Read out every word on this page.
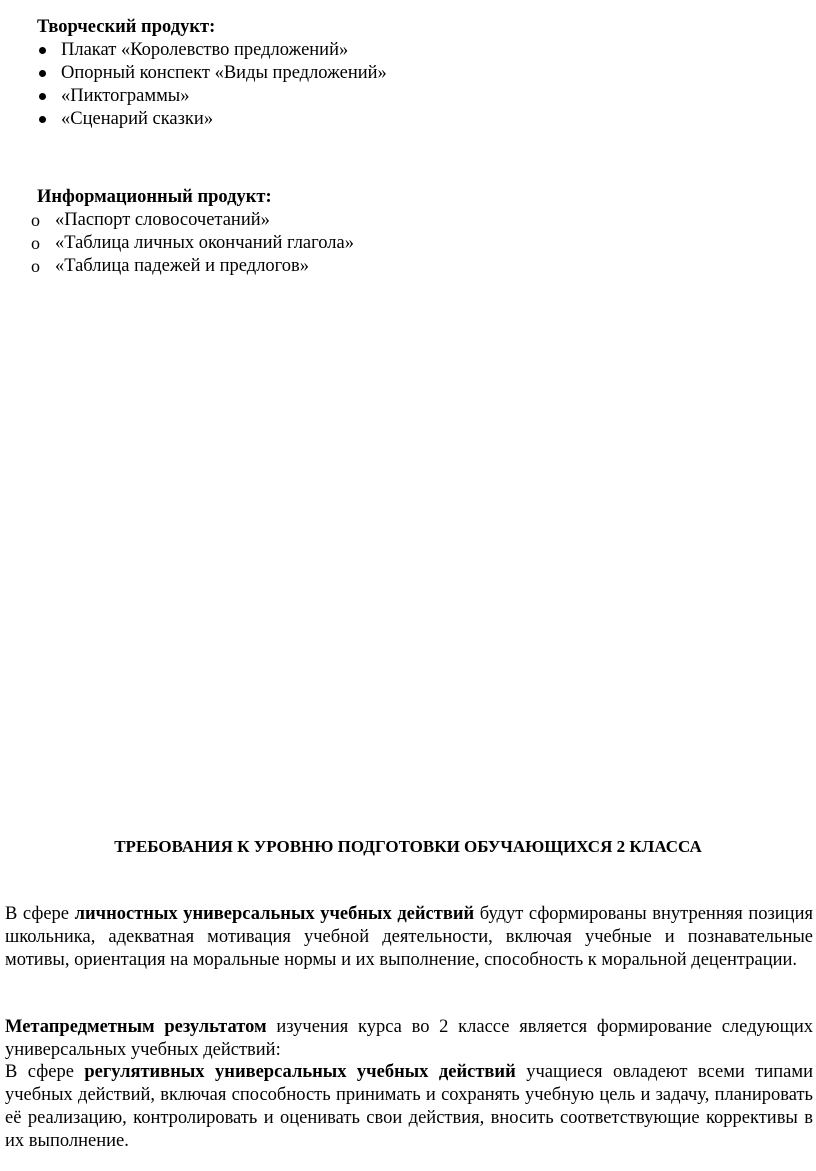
Творческий продукт:
Плакат «Королевство предложений»
Опорный конспект «Виды предложений»
«Пиктограммы»
«Сценарий сказки»
Информационный продукт:
o «Паспорт словосочетаний»
o «Таблица личных окончаний глагола»
o «Таблица падежей и предлогов»
ТРЕБОВАНИЯ К УРОВНЮ ПОДГОТОВКИ ОБУЧАЮЩИХСЯ 2 КЛАССА

В сфере личностных универсальных учебных действий будут сформированы внутренняя позиция школьника, адекватная мотивация учебной деятельности, включая учебные и познавательные мотивы, ориентация на моральные нормы и их выполнение, способность к моральной децентрации.

Метапредметным результатом изучения курса во 2 классе является формирование следующих универсальных учебных действий:

В сфере регулятивных универсальных учебных действий учащиеся овладеют всеми типами учебных действий, включая способность принимать и сохранять учебную цель и задачу, планировать её реализацию, контролировать и оценивать свои действия, вносить соответствующие коррективы в их выполнение.
